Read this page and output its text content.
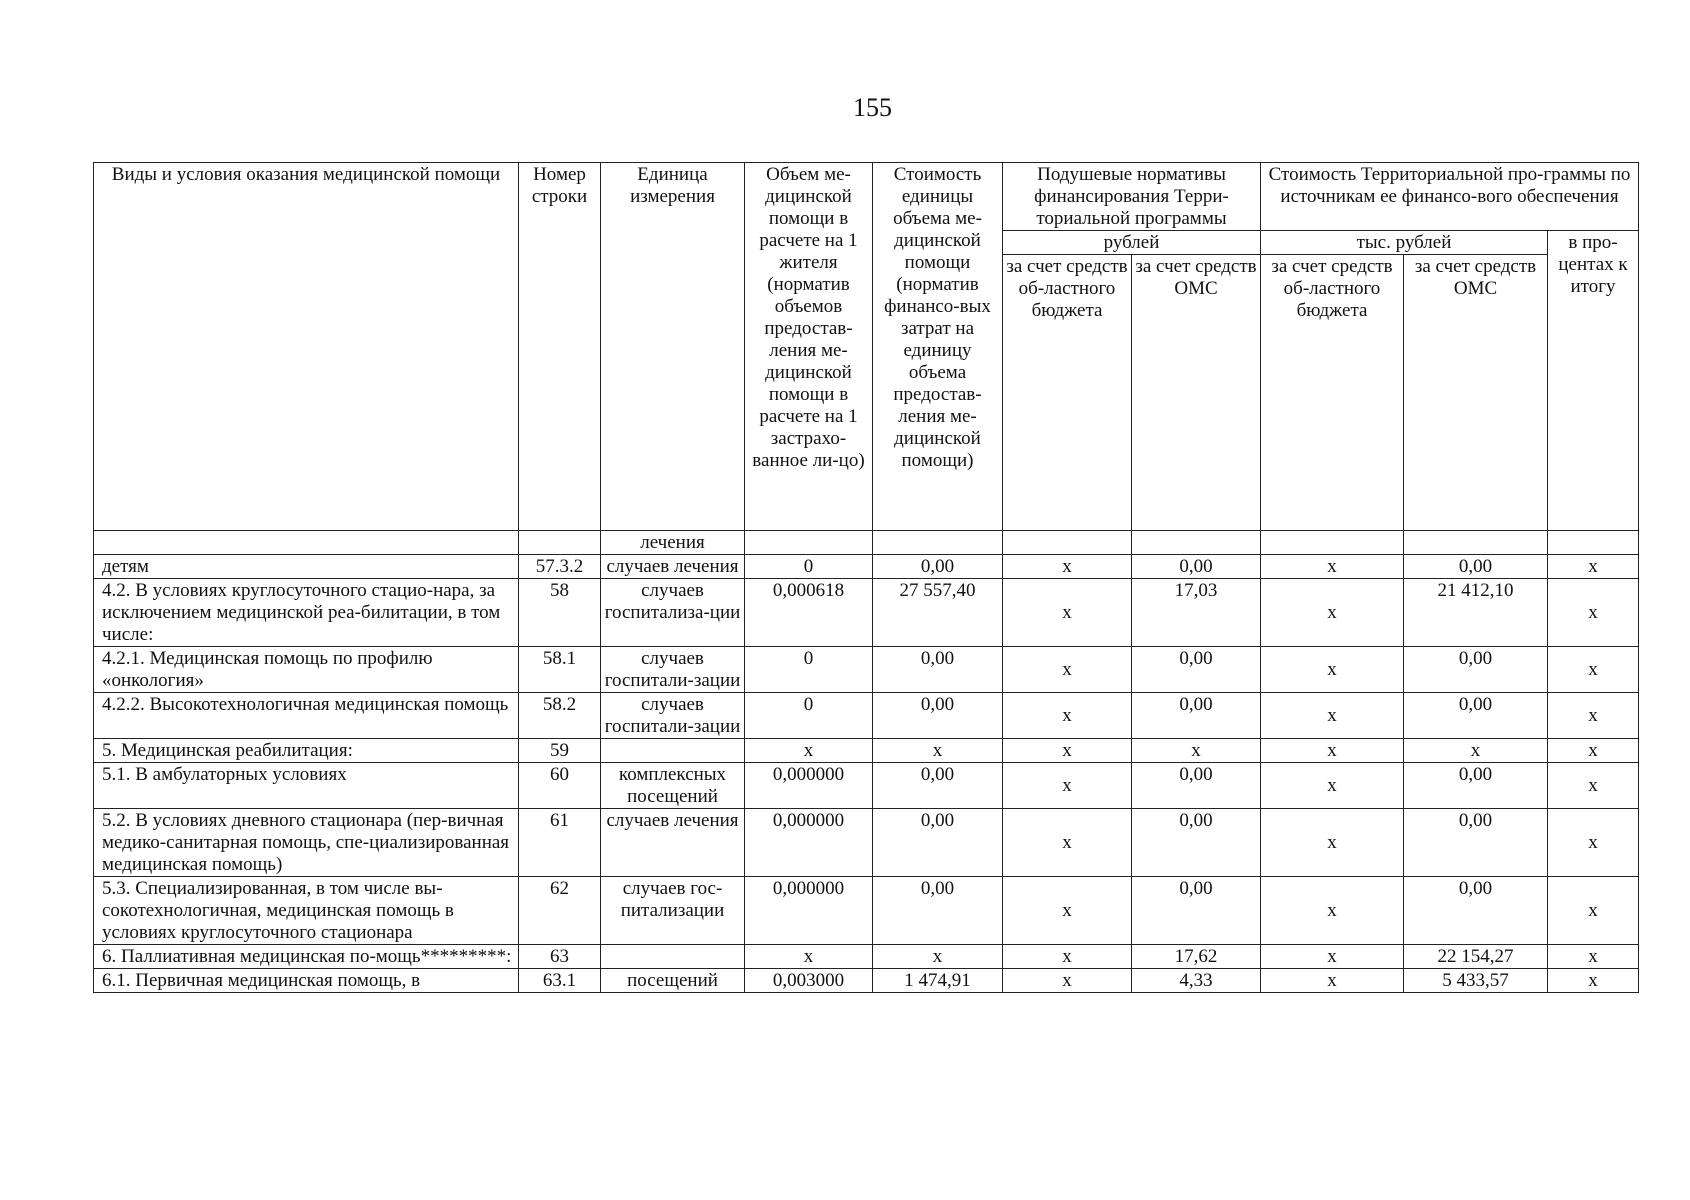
155
Виды и условия оказания медицинской помощи	Номер строки	Единица измерения	Объем ме-дицинской помощи в расчете на 1 жителя (норматив объемов предостав-ления ме-дицинской помощи в расчете на 1 застрахо-ванное ли-цо)	Стоимость единицы объема ме-дицинской помощи (норматив финансо-вых затрат на единицу объема предостав-ления ме-дицинской помощи)	Подушевые нормативы финансирования Терри-ториальной программы		Стоимость Территориальной про-граммы по источникам ее финансо-вого обеспечения		
					рублей		тыс. рублей		в про-центах к итогу
					за счет средств об-ластного бюджета	за счет средств ОМС	за счет средств об-ластного бюджета	за счет средств ОМС	
		лечения							
детям	57.3.2	случаев лечения	0	0,00	x	0,00	x	0,00	x
4.2. В условиях круглосуточного стацио-нара, за исключением медицинской реа-билитации, в том числе:	58	случаев госпитализа-ции	0,000618	27 557,40	x	17,03	x	21 412,10	x
4.2.1. Медицинская помощь по профилю «онкология»	58.1	случаев госпитали-зации	0	0,00	x	0,00	x	0,00	x
4.2.2. Высокотехнологичная медицинская помощь	58.2	случаев госпитали-зации	0	0,00	x	0,00	x	0,00	x
5. Медицинская реабилитация:	59		x	x	x	x	x	x	x
5.1. В амбулаторных условиях	60	комплексных посещений	0,000000	0,00	x	0,00	x	0,00	x
5.2. В условиях дневного стационара (пер-вичная медико-санитарная помощь, спе-циализированная медицинская помощь)	61	случаев лечения	0,000000	0,00	x	0,00	x	0,00	x
5.3. Специализированная, в том числе вы-сокотехнологичная, медицинская помощь в условиях круглосуточного стационара	62	случаев гос-питализации	0,000000	0,00	x	0,00	x	0,00	x
6. Паллиативная медицинская по-мощь*********:	63		x	x	x	17,62	x	22 154,27	x
6.1. Первичная медицинская помощь, в	63.1	посещений	0,003000	1 474,91	x	4,33	x	5 433,57	x
